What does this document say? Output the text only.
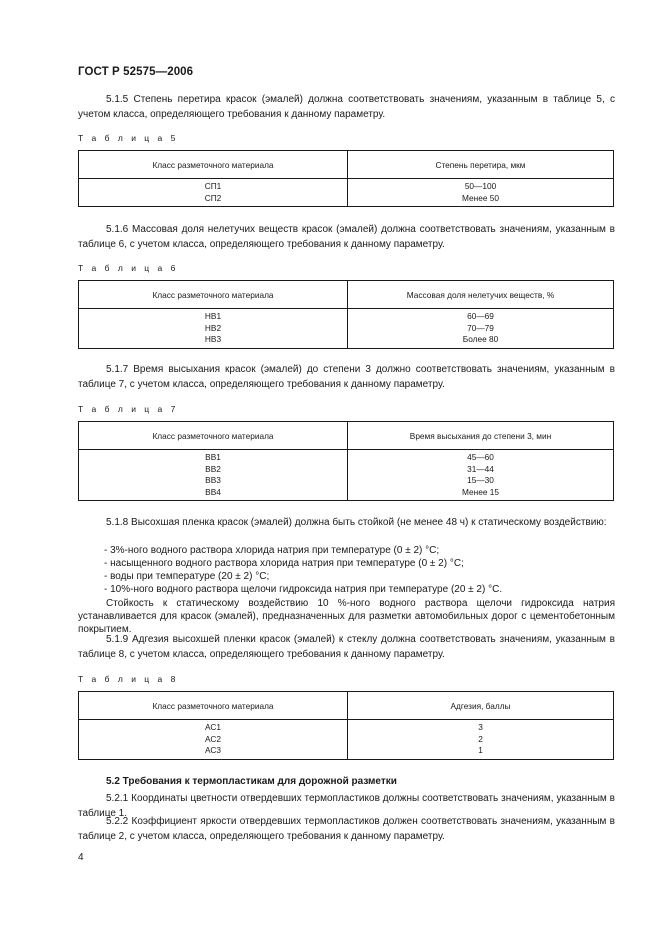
ГОСТ Р 52575—2006
5.1.5 Степень перетира красок (эмалей) должна соответствовать значениям, указанным в таблице 5, с учетом класса, определяющего требования к данному параметру.
Т а б л и ц а 5
Класс разметочного материала	Степень перетира, мкм
СП1	50—100
СП2	Менее 50
5.1.6 Массовая доля нелетучих веществ красок (эмалей) должна соответствовать значениям, указанным в таблице 6, с учетом класса, определяющего требования к данному параметру.
Т а б л и ц а 6
Класс разметочного материала	Массовая доля нелетучих веществ, %
НВ1	60—69
НВ2	70—79
НВ3	Более 80
5.1.7 Время высыхания красок (эмалей) до степени 3 должно соответствовать значениям, указанным в таблице 7, с учетом класса, определяющего требования к данному параметру.
Т а б л и ц а 7
Класс разметочного материала	Время высыхания до степени 3, мин
ВВ1	45—60
ВВ2	31—44
ВВ3	15—30
ВВ4	Менее 15
5.1.8 Высохшая пленка красок (эмалей) должна быть стойкой (не менее 48 ч) к статическому воздействию:
- 3%-ного водного раствора хлорида натрия при температуре (0 ± 2) °С;
- насыщенного водного раствора хлорида натрия при температуре (0 ± 2) °С;
- воды при температуре (20 ± 2) °С;
- 10%-ного водного раствора щелочи гидроксида натрия при температуре (20 ± 2) °С.
Стойкость к статическому воздействию 10 %-ного водного раствора щелочи гидроксида натрия устанавливается для красок (эмалей), предназначенных для разметки автомобильных дорог с цементобетонным покрытием.
5.1.9 Адгезия высохшей пленки красок (эмалей) к стеклу должна соответствовать значениям, указанным в таблице 8, с учетом класса, определяющего требования к данному параметру.
Т а б л и ц а 8
Класс разметочного материала	Адгезия, баллы
АС1	3
АС2	2
АС3	1
5.2 Требования к термопластикам для дорожной разметки
5.2.1 Координаты цветности отвердевших термопластиков должны соответствовать значениям, указанным в таблице 1.
5.2.2 Коэффициент яркости отвердевших термопластиков должен соответствовать значениям, указанным в таблице 2, с учетом класса, определяющего требования к данному параметру.
4
